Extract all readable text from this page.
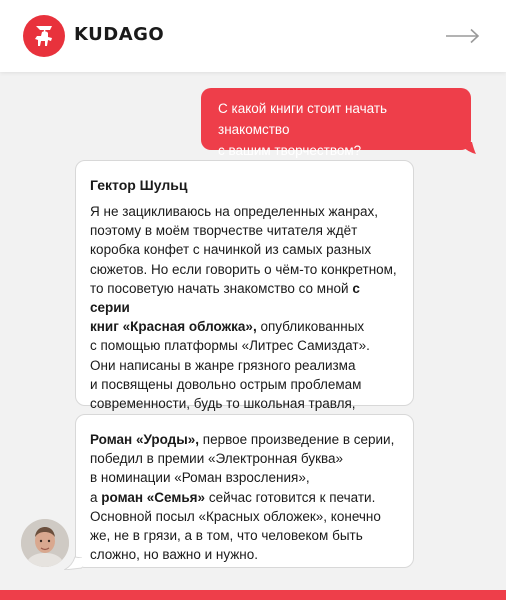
KUDAGO
С какой книги стоит начать знакомство
с вашим творчеством?
Гектор Шульц
Я не зацикливаюсь на определенных жанрах,
поэтому в моём творчестве читателя ждёт
коробка конфет с начинкой из самых разных
сюжетов. Но если говорить о чём-то конкретном,
то посоветую начать знакомство со мной с серии
книг «Красная обложка», опубликованных
с помощью платформы «Литрес Самиздат».
Они написаны в жанре грязного реализма
и посвящены довольно острым проблемам
современности, будь то школьная травля,

Роман «Уроды», первое произведение в серии,
победил в премии «Электронная буква»
в номинации «Роман взросления»,
а роман «Семья» сейчас готовится к печати.
Основной посыл «Красных обложек», конечно
же, не в грязи, а в том, что человеком быть
сложно, но важно и нужно.
